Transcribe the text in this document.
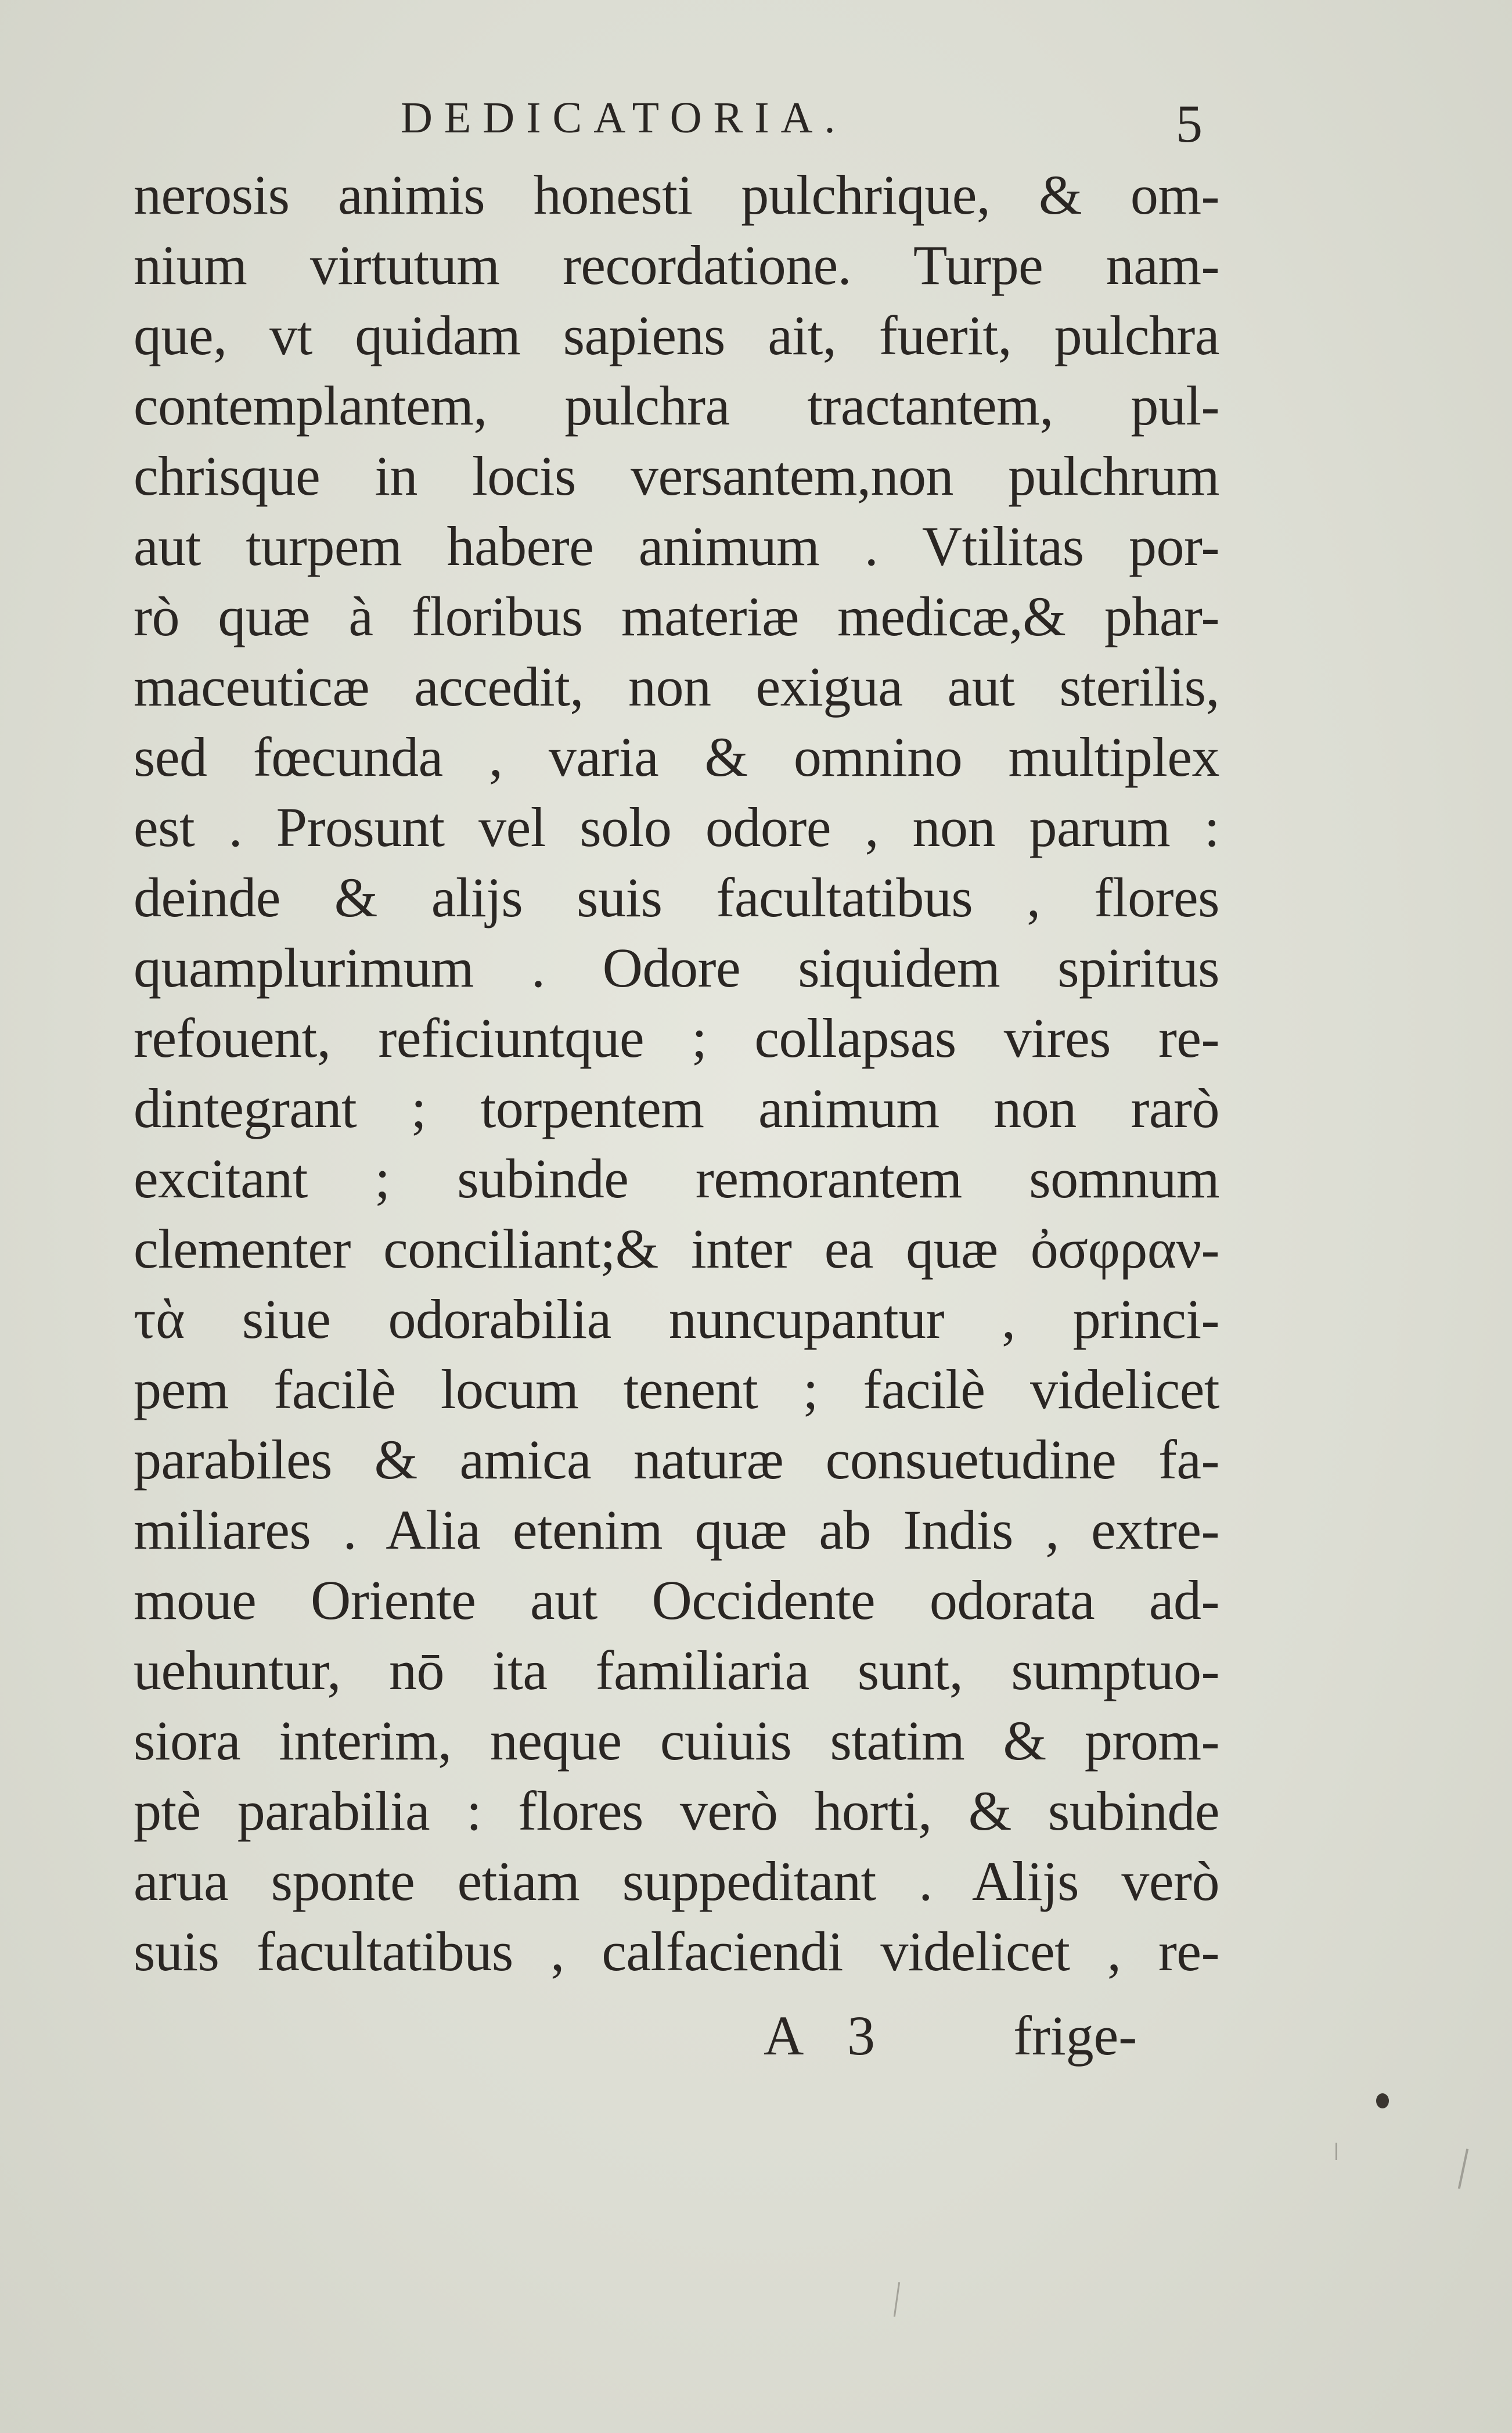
DEDICATORIA.	5
nerosis animis honesti pulchrique, & om-
nium virtutum recordatione. Turpe nam-
que, vt quidam sapiens ait, fuerit, pulchra
contemplantem, pulchra tractantem, pul-
chrisque in locis versantem,non pulchrum
aut turpem habere animum . Vtilitas por-
rò quæ à floribus materiæ medicæ,& phar-
maceuticæ accedit, non exigua aut sterilis,
sed fœcunda , varia & omnino multiplex
est . Prosunt vel solo odore , non parum :
deinde & alijs suis facultatibus , flores
quamplurimum . Odore siquidem spiritus
refouent, reficiuntque ; collapsas vires re-
dintegrant ; torpentem animum non rarò
excitant ; subinde remorantem somnum
clementer conciliant;& inter ea quæ ὀσφραν-
τὰ siue odorabilia nuncupantur , princi-
pem facilè locum tenent ; facilè videlicet
parabiles & amica naturæ consuetudine fa-
miliares . Alia etenim quæ ab Indis , extre-
moue Oriente aut Occidente odorata ad-
uehuntur, nō ita familiaria sunt, sumptuo-
siora interim, neque cuiuis statim & prom-
ptè parabilia : flores verò horti, & subinde
arua sponte etiam suppeditant . Alijs verò
suis facultatibus , calfaciendi videlicet , re-
A 3 frige-
